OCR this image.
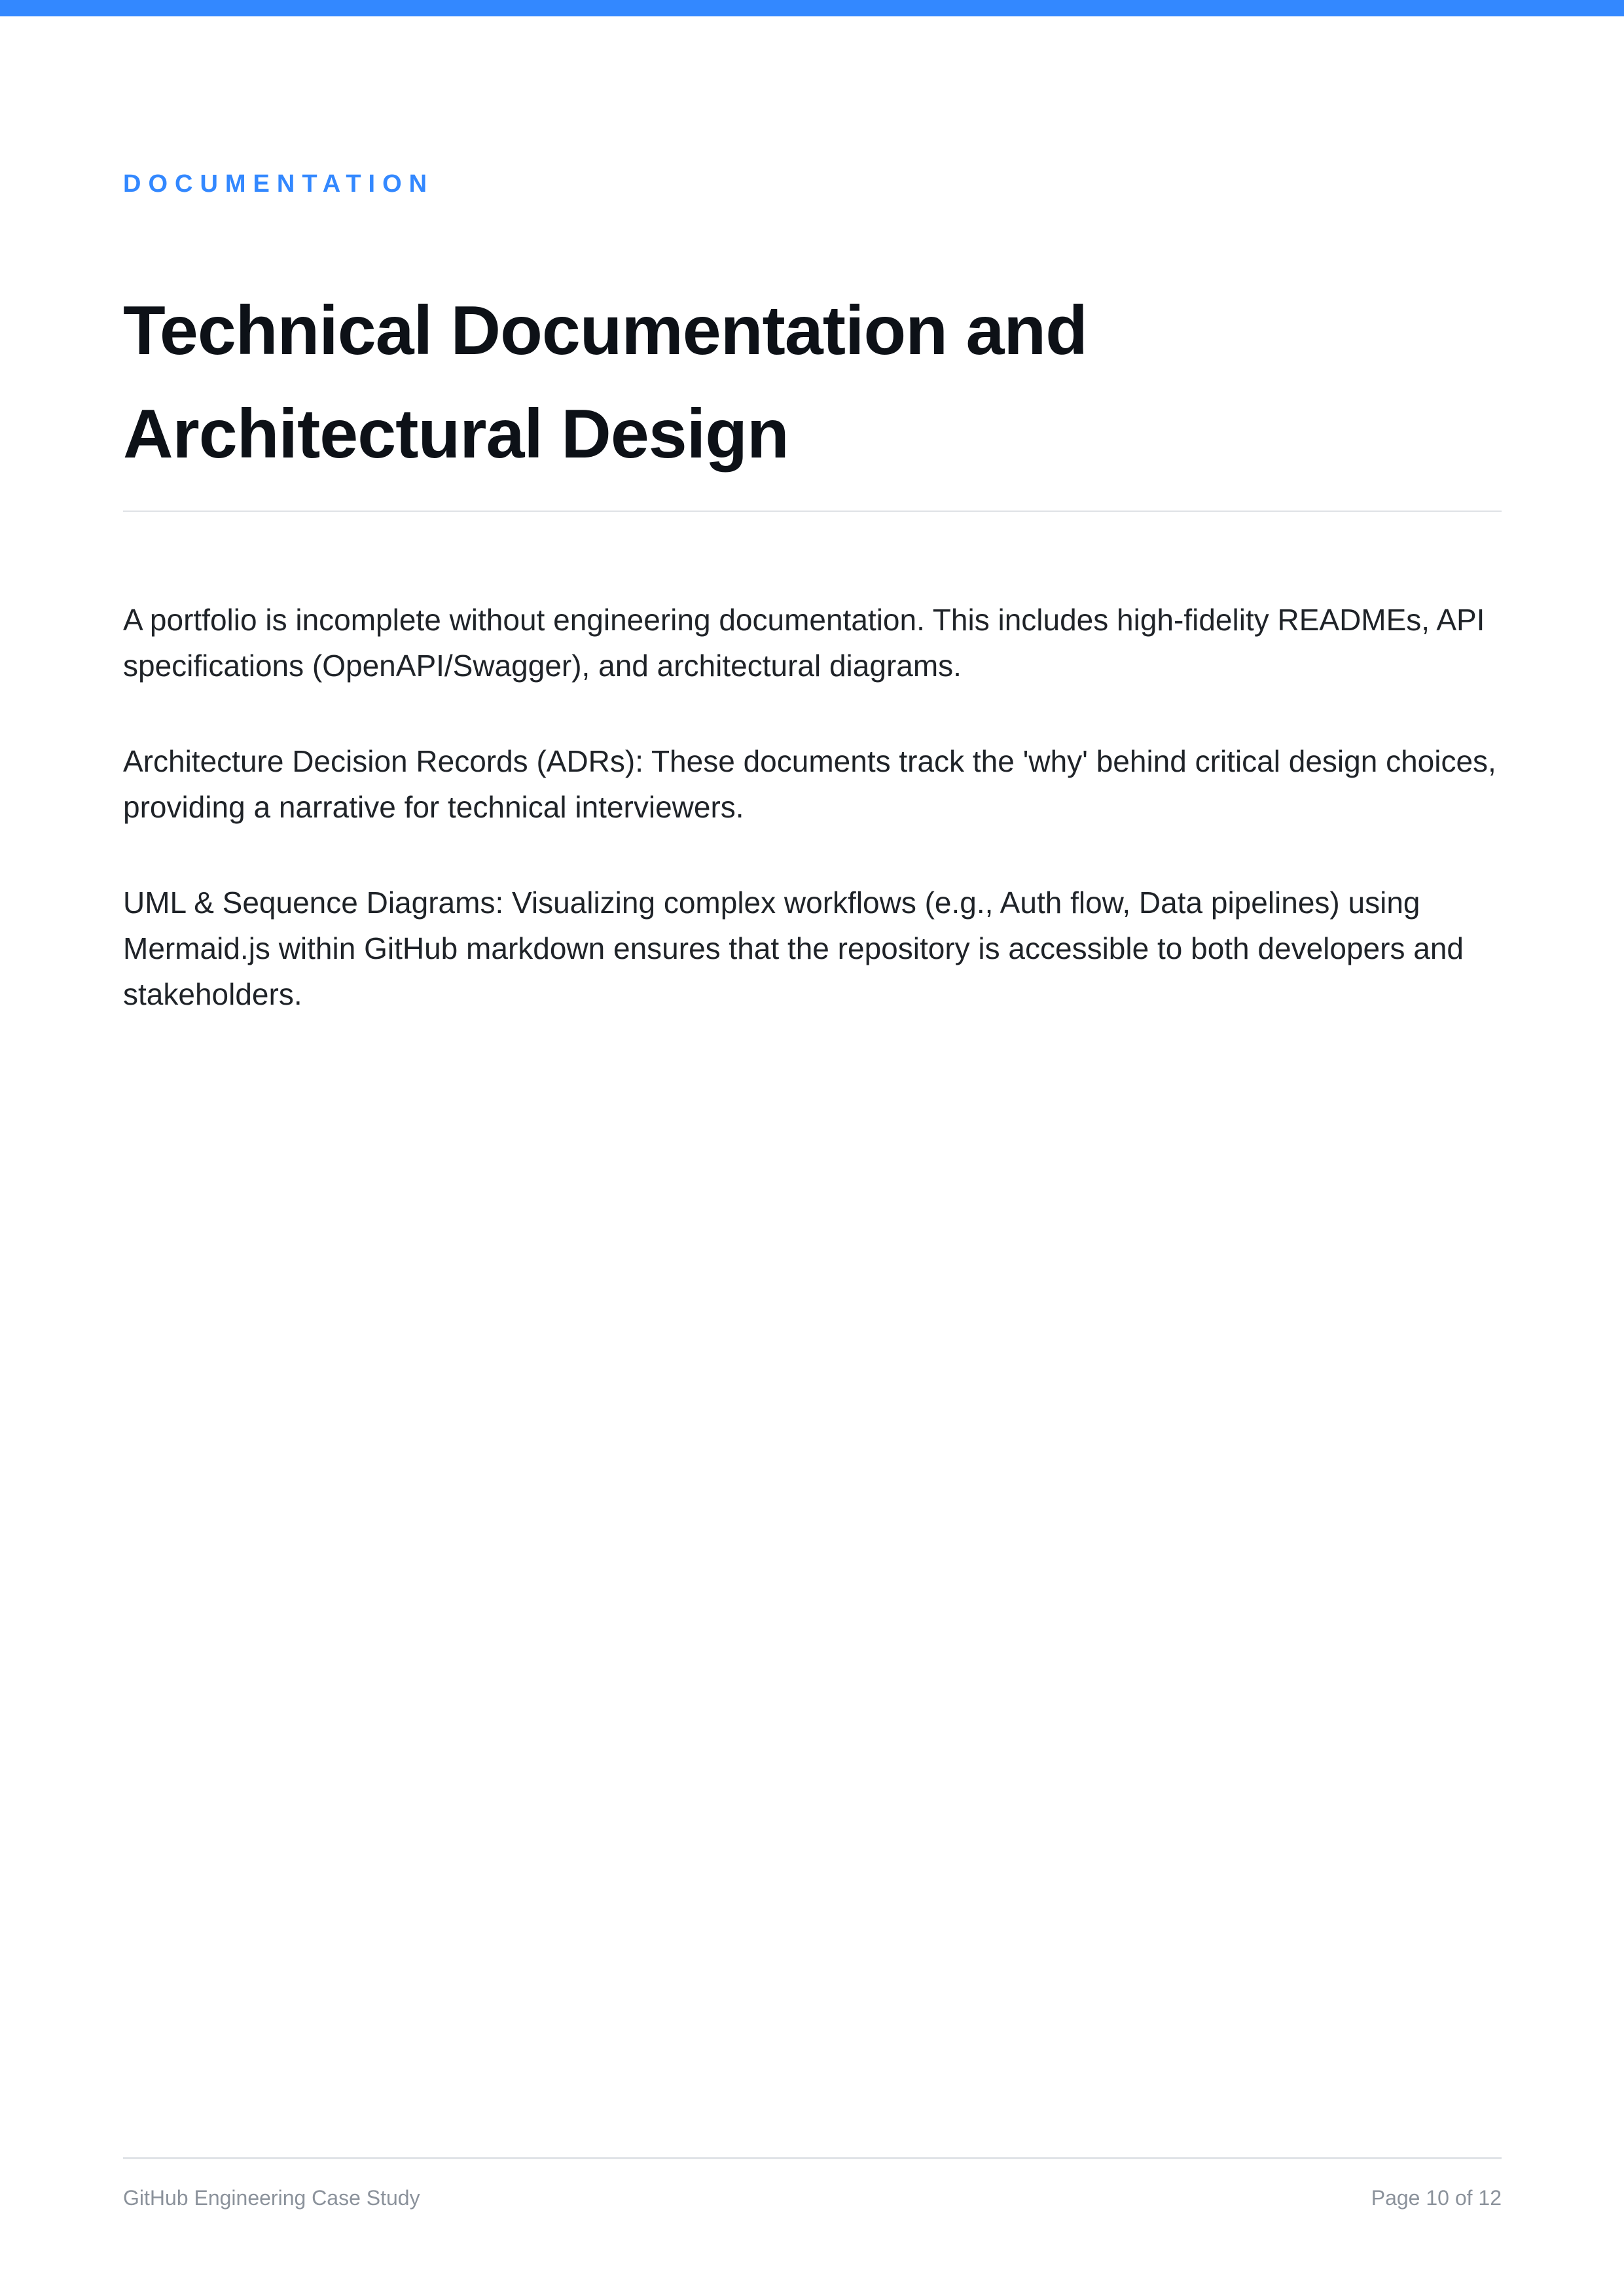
DOCUMENTATION

Technical Documentation and
Architectural Design

A portfolio is incomplete without engineering documentation. This includes high-fidelity READMEs, API specifications (OpenAPI/Swagger), and architectural diagrams.

Architecture Decision Records (ADRs): These documents track the 'why' behind critical design choices, providing a narrative for technical interviewers.

UML & Sequence Diagrams: Visualizing complex workflows (e.g., Auth flow, Data pipelines) using Mermaid.js within GitHub markdown ensures that the repository is accessible to both developers and stakeholders.

GitHub Engineering Case Study	Page 10 of 12
